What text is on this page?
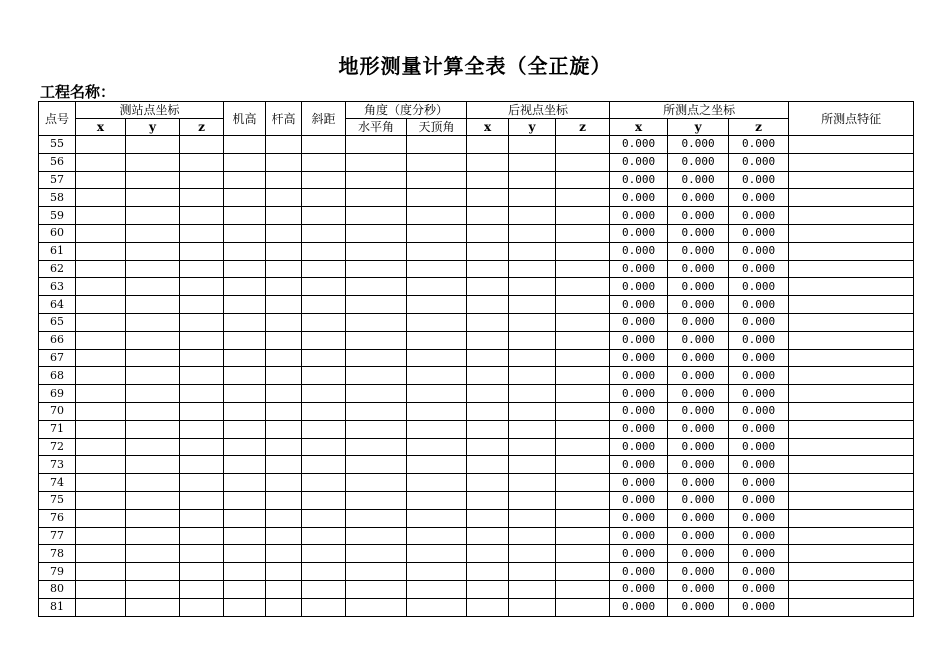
地形测量计算全表（全正旋）
工程名称：
点号	测站点坐标			机高	杆高	斜距	角度（度分秒）		后视点坐标			所测点之坐标			所测点特征
	x	y	z				水平角	天顶角	x	y	z	x	y	z	
55												0.000	0.000	0.000	
56												0.000	0.000	0.000	
57												0.000	0.000	0.000	
58												0.000	0.000	0.000	
59												0.000	0.000	0.000	
60												0.000	0.000	0.000	
61												0.000	0.000	0.000	
62												0.000	0.000	0.000	
63												0.000	0.000	0.000	
64												0.000	0.000	0.000	
65												0.000	0.000	0.000	
66												0.000	0.000	0.000	
67												0.000	0.000	0.000	
68												0.000	0.000	0.000	
69												0.000	0.000	0.000	
70												0.000	0.000	0.000	
71												0.000	0.000	0.000	
72												0.000	0.000	0.000	
73												0.000	0.000	0.000	
74												0.000	0.000	0.000	
75												0.000	0.000	0.000	
76												0.000	0.000	0.000	
77												0.000	0.000	0.000	
78												0.000	0.000	0.000	
79												0.000	0.000	0.000	
80												0.000	0.000	0.000	
81												0.000	0.000	0.000	
